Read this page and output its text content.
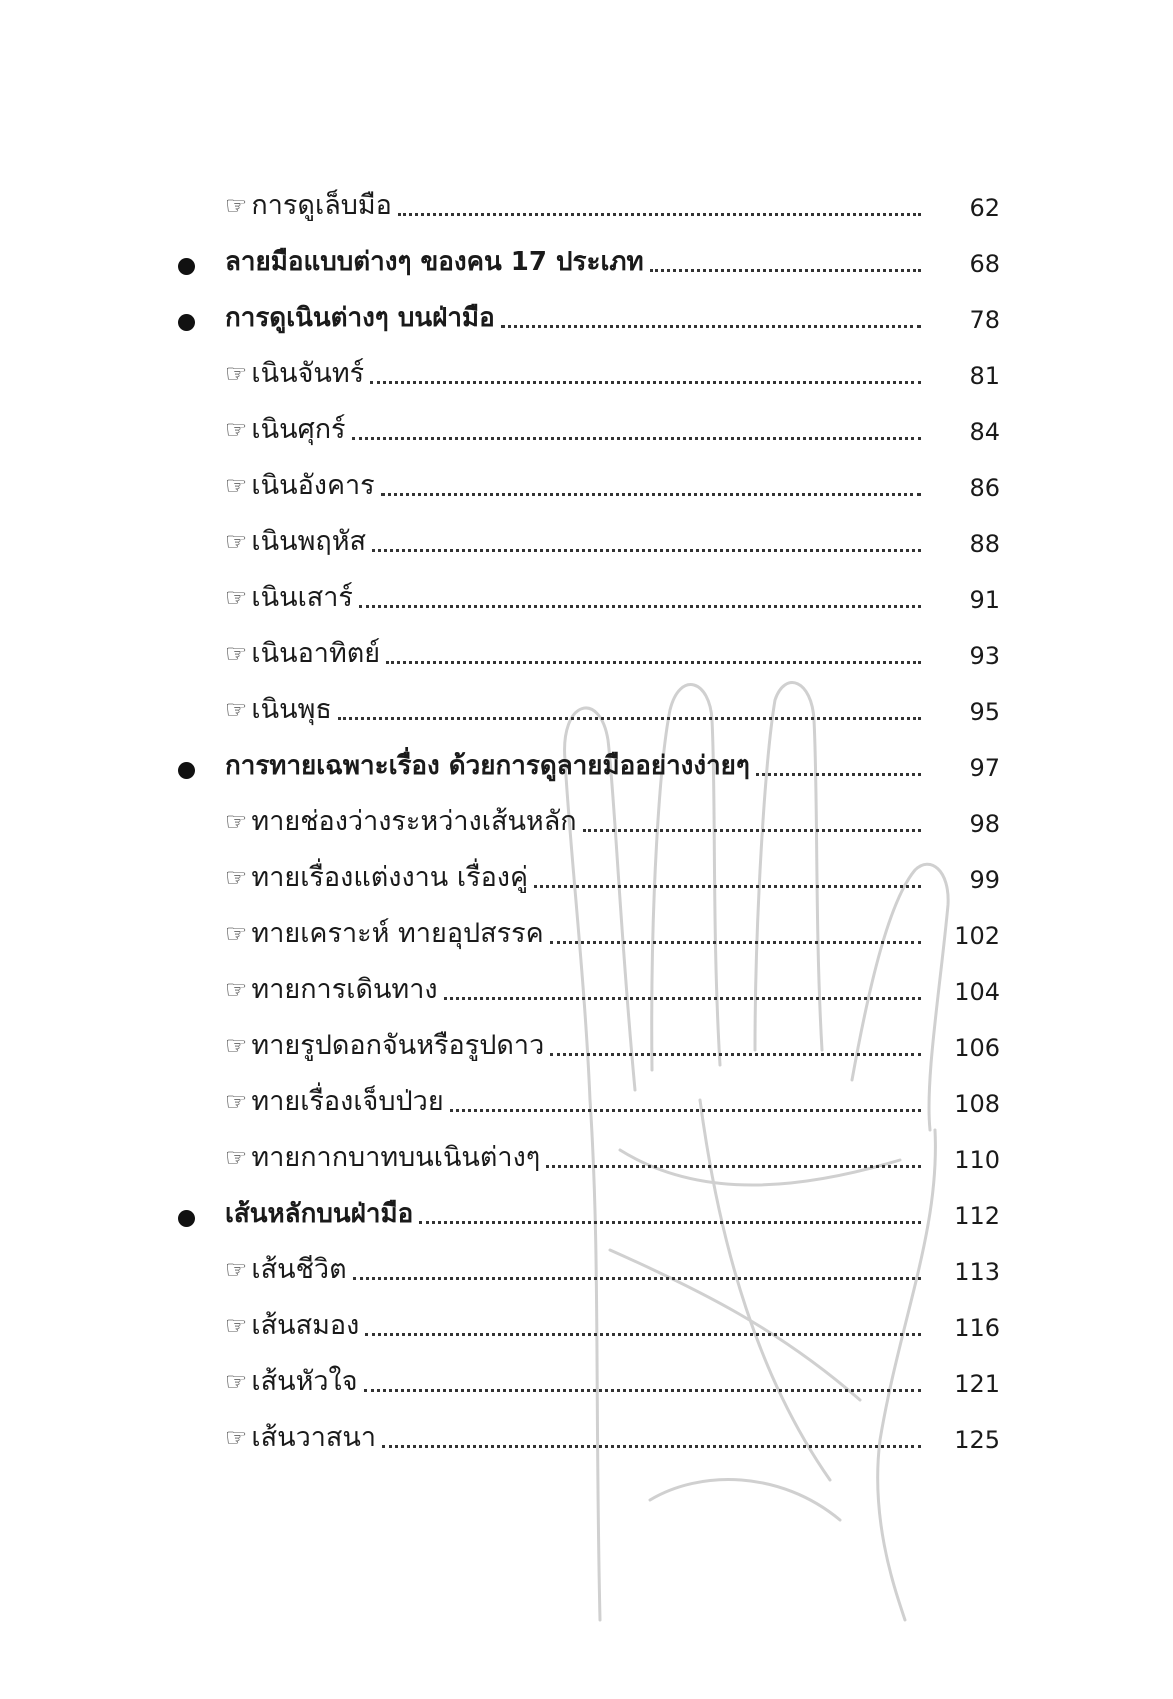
☞ การดูเล็บมือ	62
ลายมือแบบต่างๆ ของคน 17 ประเภท	68
การดูเนินต่างๆ บนฝ่ามือ	78
☞ เนินจันทร์	81
☞ เนินศุกร์	84
☞ เนินอังคาร	86
☞ เนินพฤหัส	88
☞ เนินเสาร์	91
☞ เนินอาทิตย์	93
☞ เนินพุธ	95
การทายเฉพาะเรื่อง ด้วยการดูลายมืออย่างง่ายๆ	97
☞ ทายช่องว่างระหว่างเส้นหลัก	98
☞ ทายเรื่องแต่งงาน เรื่องคู่	99
☞ ทายเคราะห์ ทายอุปสรรค	102
☞ ทายการเดินทาง	104
☞ ทายรูปดอกจันหรือรูปดาว	106
☞ ทายเรื่องเจ็บป่วย	108
☞ ทายกากบาทบนเนินต่างๆ	110
เส้นหลักบนฝ่ามือ	112
☞ เส้นชีวิต	113
☞ เส้นสมอง	116
☞ เส้นหัวใจ	121
☞ เส้นวาสนา	125
